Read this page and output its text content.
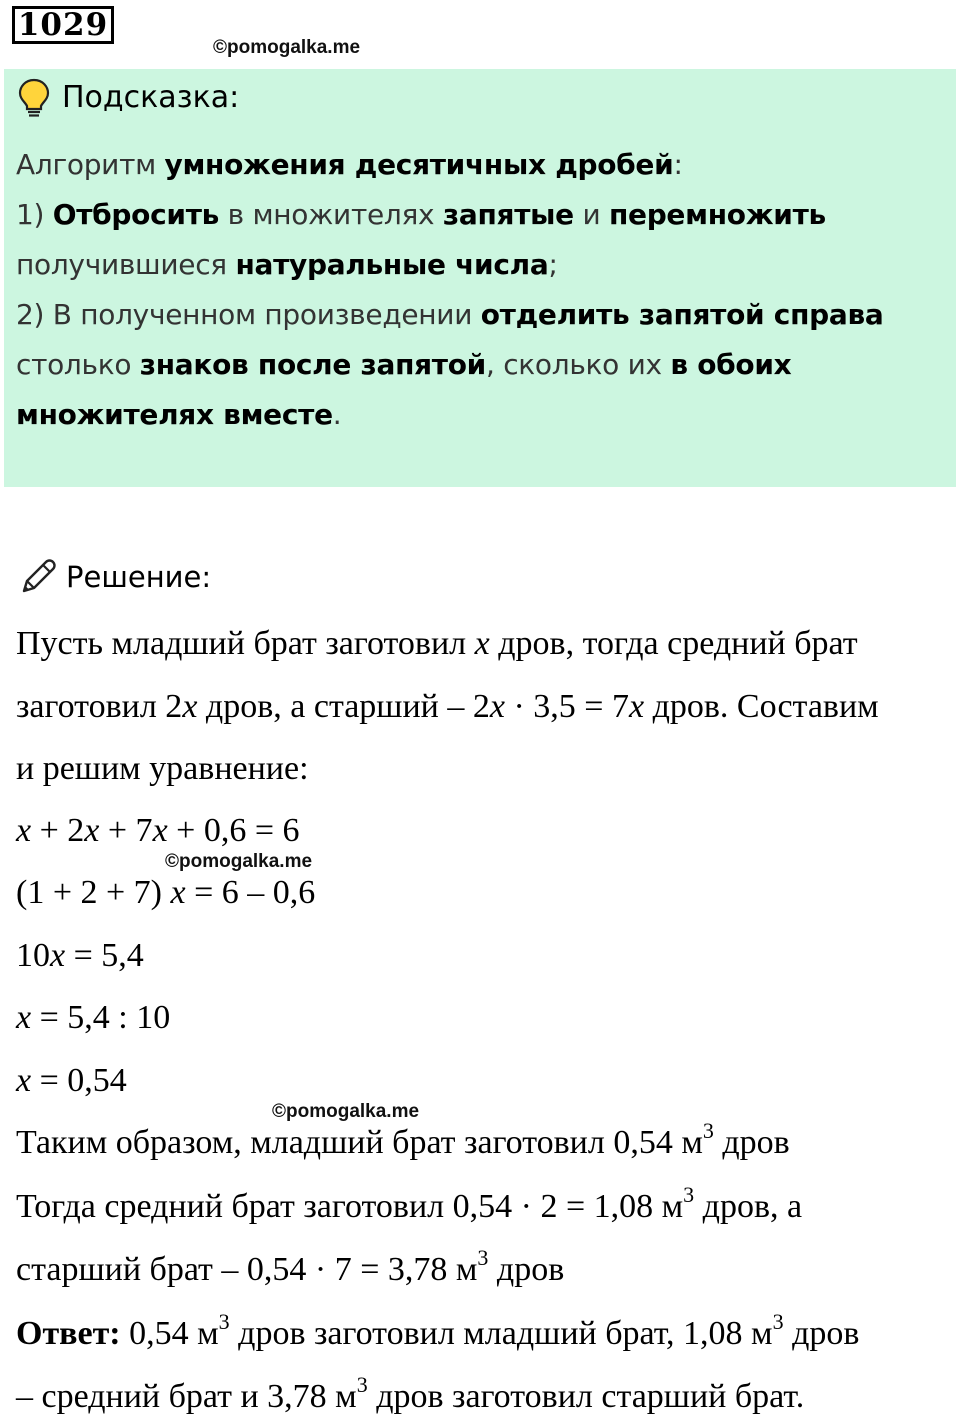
1029
©pomogalka.me
Подсказка:
Алгоритм умножения десятичных дробей:
1) Отбросить в множителях запятые и перемножить
получившиеся натуральные числа;
2) В полученном произведении отделить запятой справа
столько знаков после запятой, сколько их в обоих
множителях вместе.
Решение:
Пусть младший брат заготовил x дров, тогда средний брат
заготовил 2x дров, а старший – 2x · 3,5 = 7x дров. Составим
и решим уравнение:
x + 2x + 7x + 0,6 = 6
©pomogalka.me
(1 + 2 + 7) x = 6 – 0,6
10x = 5,4
x = 5,4 : 10
x = 0,54
©pomogalka.me
Таким образом, младший брат заготовил 0,54 $м^3$ дров
Тогда средний брат заготовил 0,54 · 2 = 1,08 $м^3$ дров, а
старший брат – 0,54 · 7 = 3,78 $м^3$ дров
Ответ: 0,54 $м^3$ дров заготовил младший брат, 1,08 $м^3$ дров
– средний брат и 3,78 $м^3$ дров заготовил старший брат.
